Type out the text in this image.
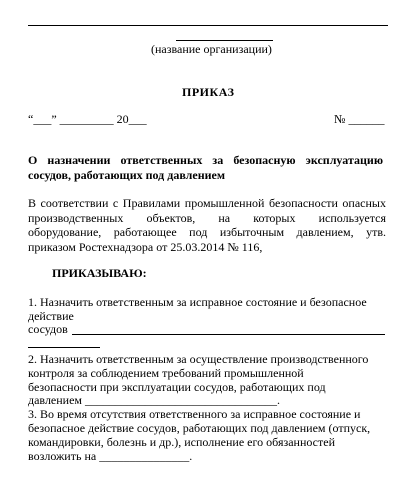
(название организации)
ПРИКАЗ
“___” _________ 20___	№ ______
О назначении ответственных за безопасную эксплуатацию
сосудов, работающих под давлением
В соответствии с Правилами промышленной безопасности опасных
производственных объектов, на которых используется
оборудование, работающее под избыточным давлением, утв.
приказом Ростехнадзора от 25.03.2014 № 116,
ПРИКАЗЫВАЮ:
1. Назначить ответственным за исправное состояние и безопасное
действие
сосудов
2. Назначить ответственным за осуществление производственного
контроля за соблюдением требований промышленной
безопасности при эксплуатации сосудов, работающих под
давлением ________________________________.
3. Во время отсутствия ответственного за исправное состояние и
безопасное действие сосудов, работающих под давлением (отпуск,
командировки, болезнь и др.), исполнение его обязанностей
возложить на _______________.
